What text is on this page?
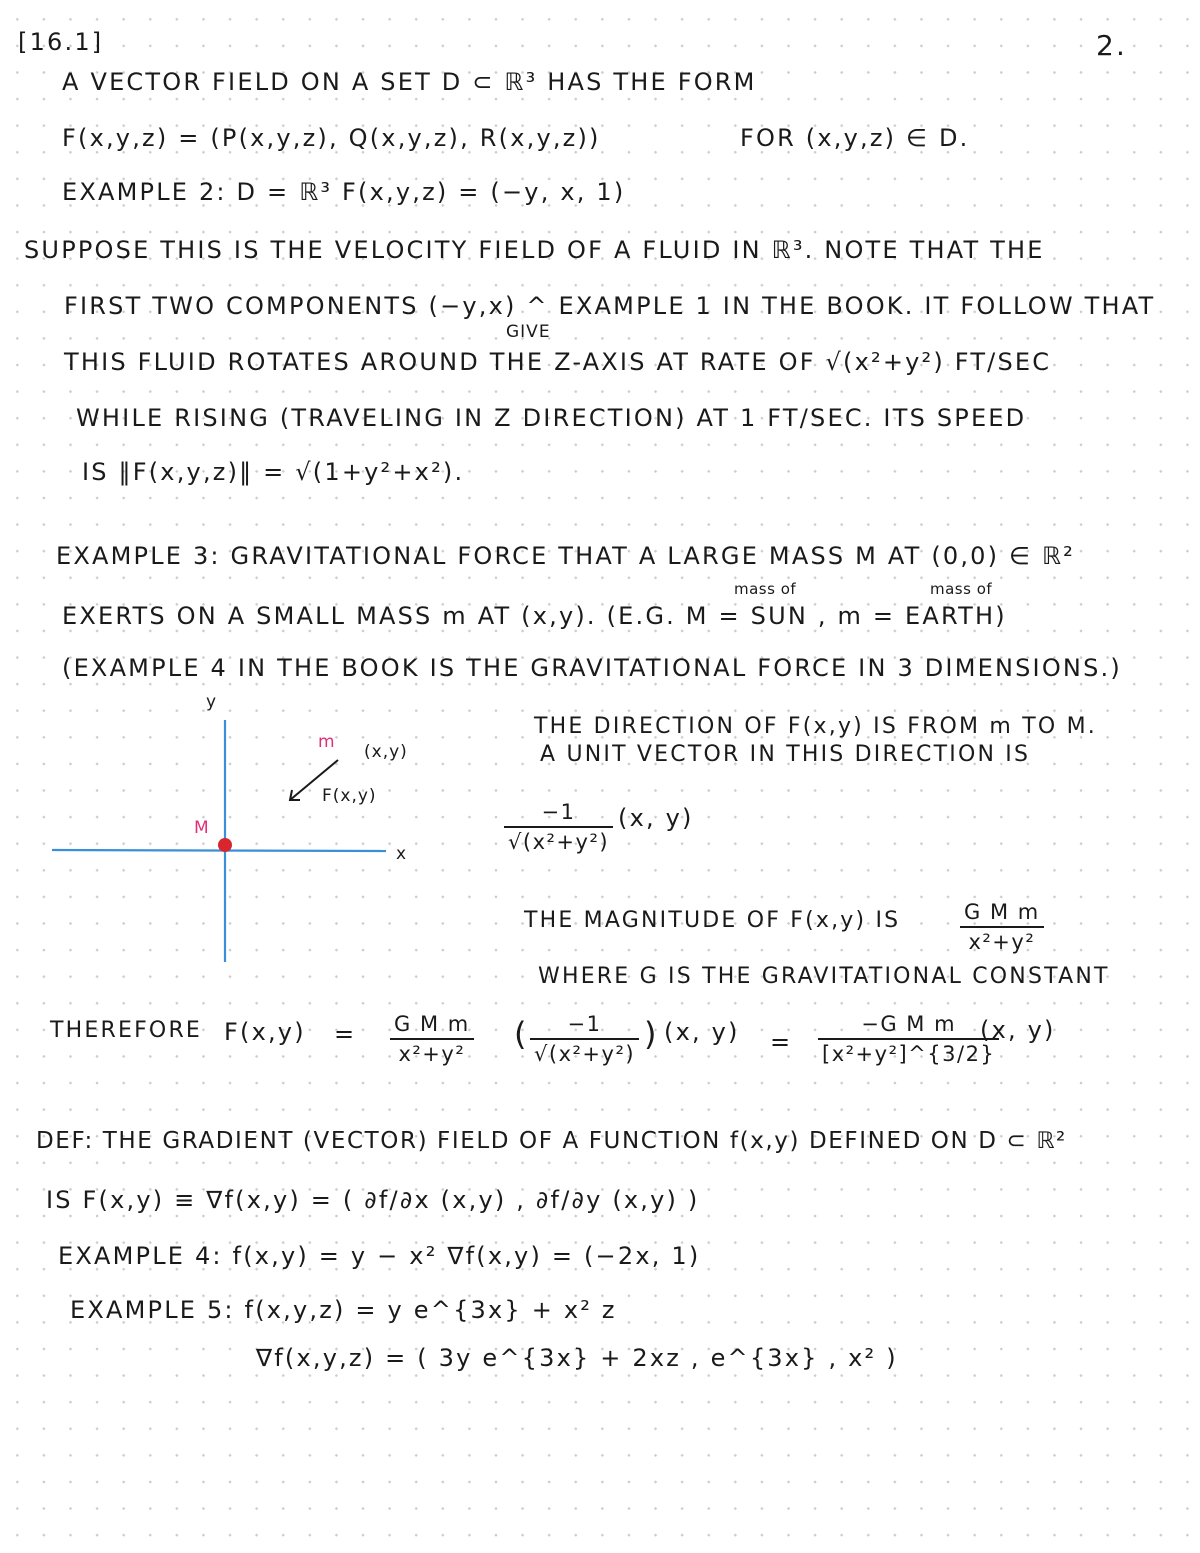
[16.1]	2.
A VECTOR FIELD ON A SET D ⊂ ℝ³ HAS THE FORM
F(x,y,z) = (P(x,y,z), Q(x,y,z), R(x,y,z))	FOR (x,y,z) ∈ D.
EXAMPLE 2: D = ℝ³ F(x,y,z) = (−y, x, 1)
SUPPOSE THIS IS THE VELOCITY FIELD OF A FLUID IN ℝ³. NOTE THAT THE
FIRST TWO COMPONENTS (−y,x) ^ EXAMPLE 1 IN THE BOOK. IT FOLLOW THAT
GIVE
THIS FLUID ROTATES AROUND THE Z-AXIS AT RATE OF √(x²+y²) FT/SEC
WHILE RISING (TRAVELING IN Z DIRECTION) AT 1 FT/SEC. ITS SPEED
IS ‖F(x,y,z)‖ = √(1+y²+x²).
EXAMPLE 3: GRAVITATIONAL FORCE THAT A LARGE MASS M AT (0,0) ∈ ℝ²
mass of	mass of
EXERTS ON A SMALL MASS m AT (x,y). (E.G. M = SUN , m = EARTH)
(EXAMPLE 4 IN THE BOOK IS THE GRAVITATIONAL FORCE IN 3 DIMENSIONS.)
y
x
M
m (x,y)
F(x,y)
THE DIRECTION OF F(x,y) IS FROM m TO M.
A UNIT VECTOR IN THIS DIRECTION IS
$\frac{-1}{\text{√(x²+y²)}} (x$, y)
THE MAGNITUDE OF F(x,y) IS	$\frac{\text{G M m}}{\text{x²+y²}}$
WHERE G IS THE GRAVITATIONAL CONSTANT
THEREFORE $F(x,y) = \frac{\text{G M m}}{\text{x²+y²}}$ ( $\frac{-1}{\text{√(x²+y²)}}$ ) (x, $y) = \frac{\text{−G M m}}{\text{[x²+y²]\textasciicircum{}\{3/2\}}}$
(x, y)
DEF: THE GRADIENT (VECTOR) FIELD OF A FUNCTION f(x,y) DEFINED ON D ⊂ ℝ²
IS F(x,y) ≡ ∇f(x,y) = ( ∂f/∂x (x,y) , ∂f/∂y (x,y) )
EXAMPLE 4: f(x,y) = y − x² ∇f(x,y) = (−2x, 1)
EXAMPLE 5: f(x,y,z) = y e^{3x} + x² z
∇f(x,y,z) = ( 3y e^{3x} + 2xz , e^{3x} , x² )
